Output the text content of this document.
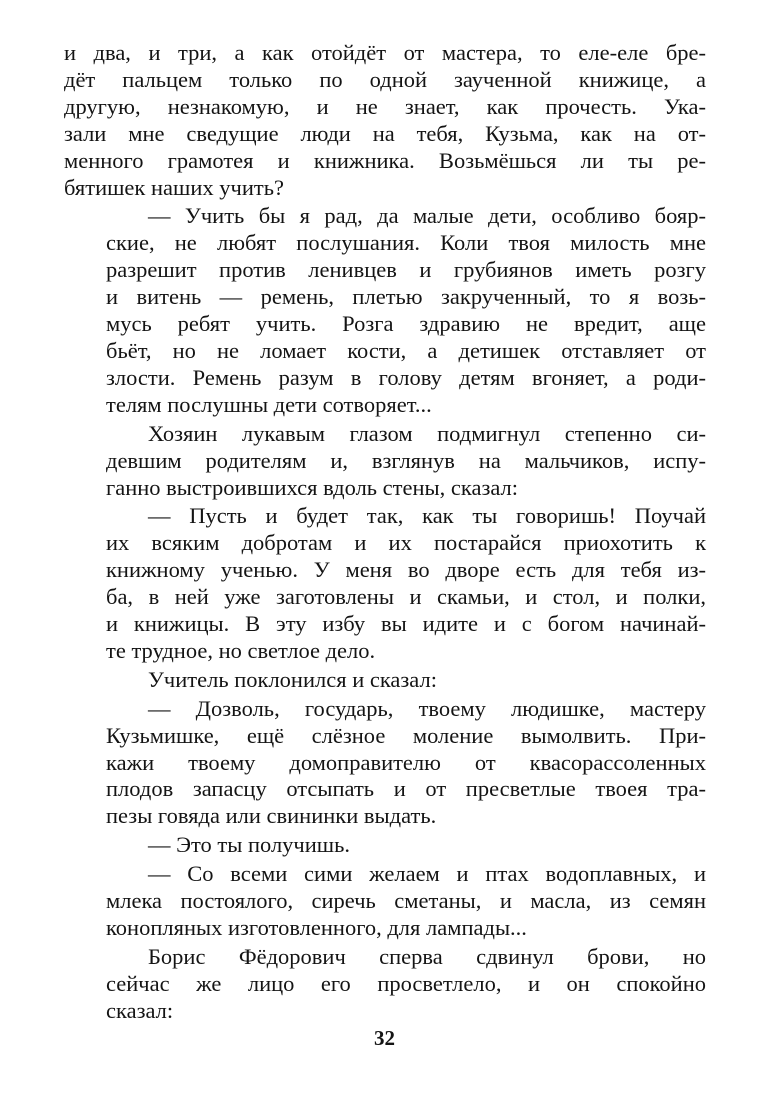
и два, и три, а как отойдёт от мастера, то еле-еле бре-
дёт пальцем только по одной заученной книжице, а
другую, незнакомую, и не знает, как прочесть. Ука-
зали мне сведущие люди на тебя, Кузьма, как на от-
менного грамотея и книжника. Возьмёшься ли ты ре-
бятишек наших учить?
— Учить бы я рад, да малые дети, особливо бояр-
ские, не любят послушания. Коли твоя милость мне
разрешит против ленивцев и грубиянов иметь розгу
и витень — ремень, плетью закрученный, то я возь-
мусь ребят учить. Розга здравию не вредит, аще
бьёт, но не ломает кости, а детишек отставляет от
злости. Ремень разум в голову детям вгоняет, а роди-
телям послушны дети сотворяет...
Хозяин лукавым глазом подмигнул степенно си-
девшим родителям и, взглянув на мальчиков, испу-
ганно выстроившихся вдоль стены, сказал:
— Пусть и будет так, как ты говоришь! Поучай
их всяким добротам и их постарайся приохотить к
книжному ученью. У меня во дворе есть для тебя из-
ба, в ней уже заготовлены и скамьи, и стол, и полки,
и книжицы. В эту избу вы идите и с богом начинай-
те трудное, но светлое дело.
Учитель поклонился и сказал:
— Дозволь, государь, твоему людишке, мастеру
Кузьмишке, ещё слёзное моление вымолвить. При-
кажи твоему домоправителю от квасорассоленных
плодов запасцу отсыпать и от пресветлые твоея тра-
пезы говяда или свининки выдать.
— Это ты получишь.
— Со всеми сими желаем и птах водоплавных, и
млека постоялого, сиречь сметаны, и масла, из семян
конопляных изготовленного, для лампады...
Борис Фёдорович сперва сдвинул брови, но
сейчас же лицо его просветлело, и он спокойно
сказал:
32
